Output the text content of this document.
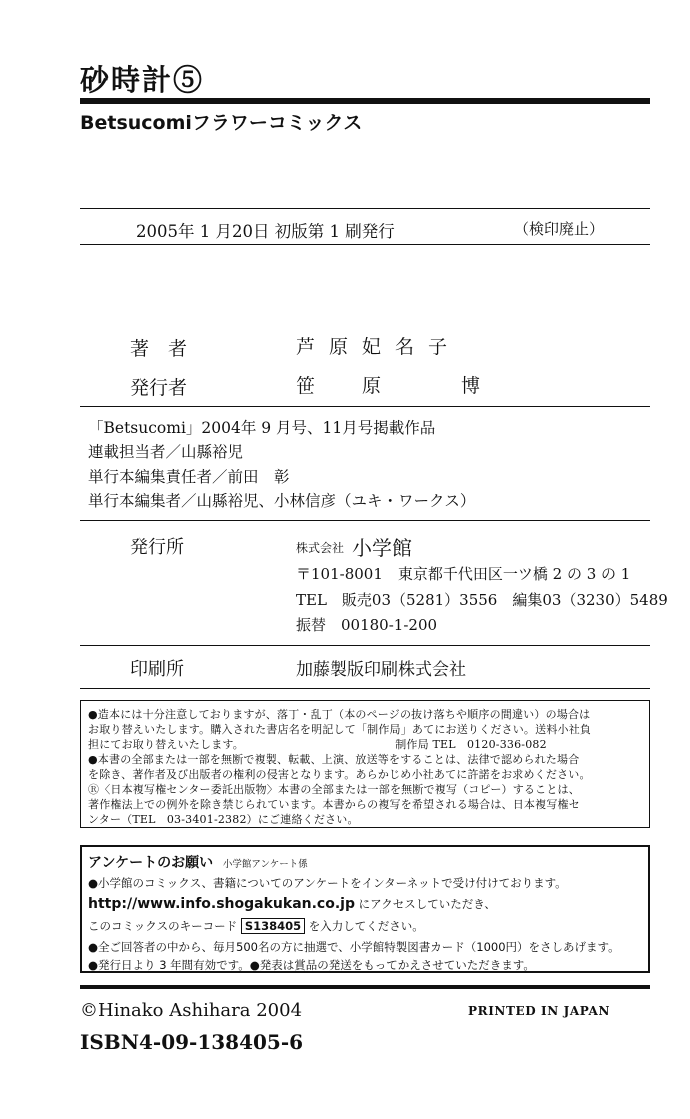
砂時計⑤
Betsucomiフラワーコミックス
2005年 1 月20日 初版第 1 刷発行	（検印廃止）
著　者	芦原妃名子
発行者	笹　原　　博
「Betsucomi」2004年 9 月号、11月号掲載作品
連載担当者／山縣裕児
単行本編集責任者／前田　彰
単行本編集者／山縣裕児、小林信彦（ユキ・ワークス）
発行所	株式会社 小学館
〒101-8001　東京都千代田区一ツ橋 2 の 3 の 1
TEL　販売03（5281）3556　編集03（3230）5489
振替　00180-1-200
印刷所	加藤製版印刷株式会社
●造本には十分注意しておりますが、落丁・乱丁（本のページの抜け落ちや順序の間違い）の場合は
お取り替えいたします。購入された書店名を明記して「制作局」あてにお送りください。送料小社負
担にてお取り替えいたします。　　　　　　　　　　　　　　制作局 TEL　0120-336-082
●本書の全部または一部を無断で複製、転載、上演、放送等をすることは、法律で認められた場合
を除き、著作者及び出版者の権利の侵害となります。あらかじめ小社あてに許諾をお求めください。
Ⓡ〈日本複写権センター委託出版物〉本書の全部または一部を無断で複写（コピー）することは、
著作権法上での例外を除き禁じられています。本書からの複写を希望される場合は、日本複写権セ
ンター（TEL　03-3401-2382）にご連絡ください。
アンケートのお願い 小学館アンケート係
●小学館のコミックス、書籍についてのアンケートをインターネットで受け付けております。
http://www.info.shogakukan.co.jp にアクセスしていただき、
このコミックスのキーコード S138405 を入力してください。
●全ご回答者の中から、毎月500名の方に抽選で、小学館特製図書カード（1000円）をさしあげます。
●発行日より 3 年間有効です。●発表は賞品の発送をもってかえさせていただきます。
©Hinako Ashihara 2004	PRINTED IN JAPAN
ISBN4-09-138405-6
